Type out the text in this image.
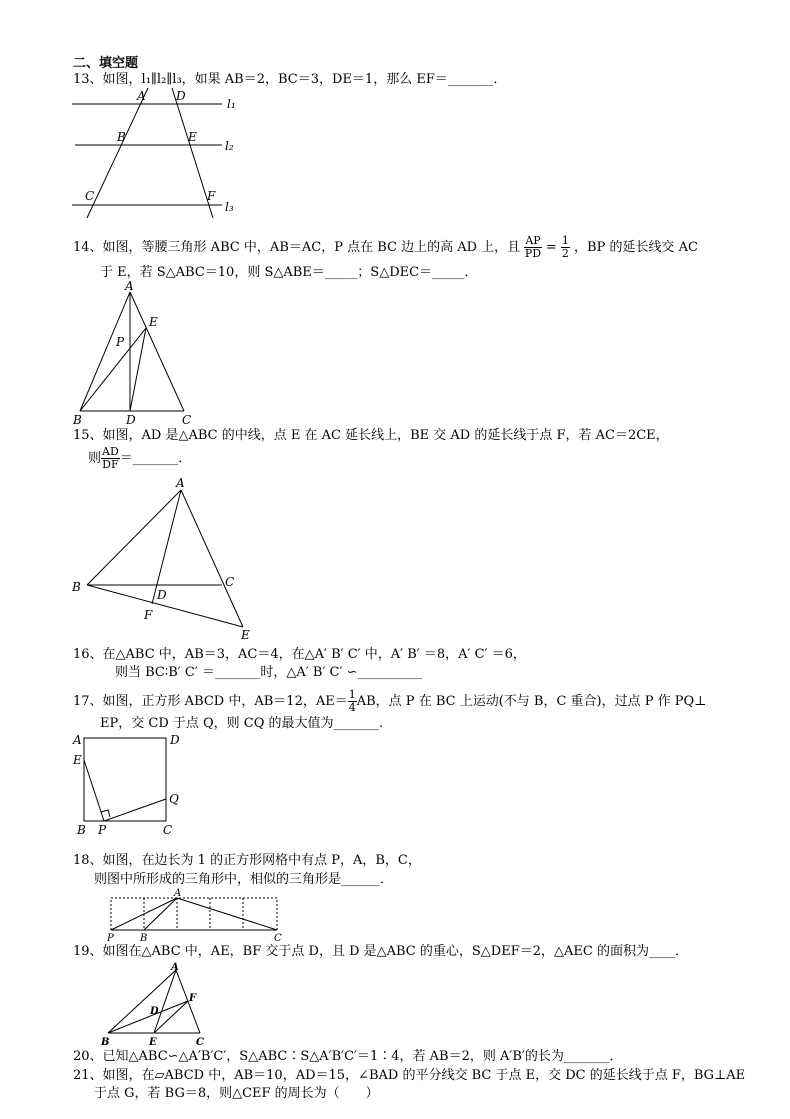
二、填空题
13、如图，l₁∥l₂∥l₃，如果 AB＝2，BC＝3，DE＝1，那么 EF＝_______．
A	D
B	E
C	F
l₁
l₂
l₃
14、如图，等腰三角形 ABC 中，AB＝AC，P 点在 BC 边上的高 AD 上，且 $\frac{AP}{PD} = \frac{1}{2}$ ，BP 的延长线交 AC
于 E，若 S△ABC＝10，则 S△ABE＝_____；S△DEC＝_____．
A
E
P
B	D	C
15、如图，AD 是△ABC 的中线，点 E 在 AC 延长线上，BE 交 AD 的延长线于点 F，若 AC＝2CE，
则 $\frac{AD}{DF}$ ＝_______．
A
B	C
D
F
E
16、在△ABC 中，AB＝3，AC＝4，在△A′ B′ C′ 中，A′ B′ ＝8，A′ C′ ＝6，
则当 BC∶B′ C′ ＝_______时，△A′ B′ C′ ∽__________
17、如图，正方形 ABCD 中，AB＝12，$AE= \frac{1}{4}$ AB，点 P 在 BC 上运动(不与 B，C 重合)，过点 P 作 PQ⊥
EP，交 CD 于点 Q，则 CQ 的最大值为_______.
A	D
E
Q
B P	C
18、如图，在边长为 1 的正方形网格中有点 P，A，B，C，
则图中所形成的三角形中，相似的三角形是______．
A
P	B	C
19、如图在△ABC 中，AE，BF 交于点 D，且 D 是△ABC 的重心，S△DEF＝2，△AEC 的面积为____．
A
F
D
B	E	C
20、已知△ABC∽△A′B′C′，S△ABC∶S△A′B′C′＝1∶4，若 AB＝2，则 A′B′的长为_______．
21、如图，在▱ABCD 中，AB＝10，AD＝15，∠BAD 的平分线交 BC 于点 E，交 DC 的延长线于点 F，BG⊥AE
于点 G，若 BG＝8，则△CEF 的周长为（　　）
